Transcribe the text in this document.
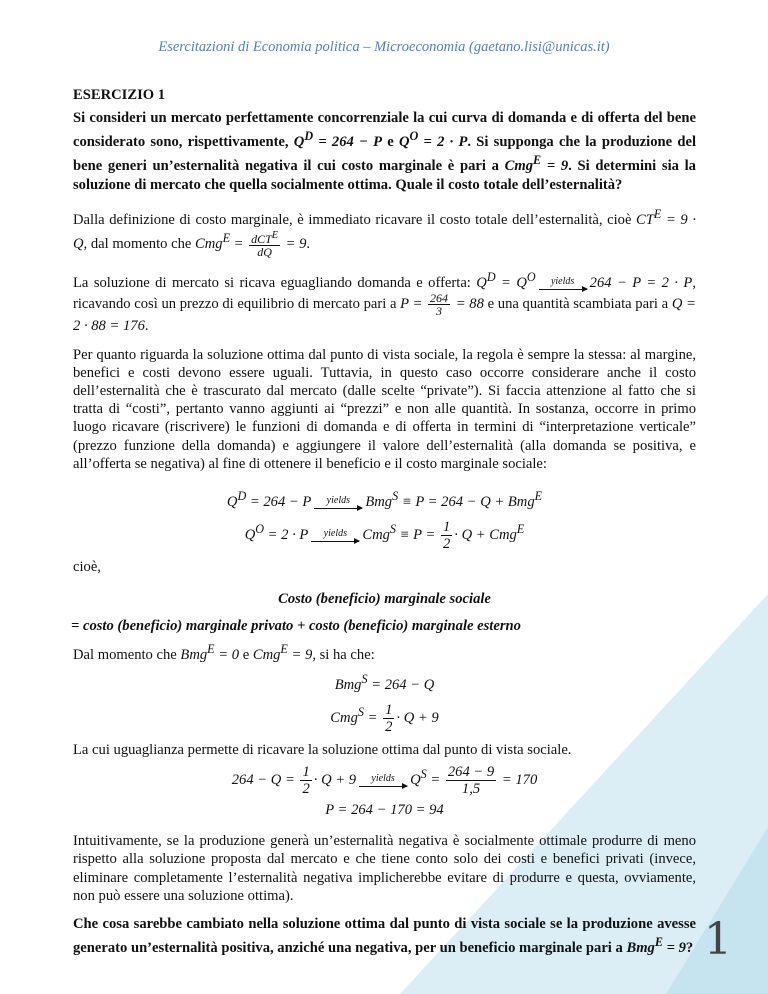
Esercitazioni di Economia politica – Microeconomia (gaetano.lisi@unicas.it)
ESERCIZIO 1
Si consideri un mercato perfettamente concorrenziale la cui curva di domanda e di offerta del bene considerato sono, rispettivamente, $Q^D = 264 - P$ e $Q^O = 2 \cdot P$. Si supponga che la produzione del bene generi un’esternalità negativa il cui costo marginale è pari a Cmg$^E$ = 9. Si determini sia la soluzione di mercato che quella socialmente ottima. Quale il costo totale dell’esternalità?
Dalla definizione di costo marginale, è immediato ricavare il costo totale dell’esternalità, cioè $CT^E = 9 \cdot Q$, dal momento che $Cmg^E = \frac{dCT^E}{dQ} = 9$.
La soluzione di mercato si ricava eguagliando domanda e offerta: $Q^D = Q^O$	yields	264 − P = 2 · P, ricavando così un prezzo di equilibrio di mercato pari a $P = \frac{264}{3} = 88$ e una quantità scambiata pari a Q = 2 · 88 = 176.
Per quanto riguarda la soluzione ottima dal punto di vista sociale, la regola è sempre la stessa: al margine, benefici e costi devono essere uguali. Tuttavia, in questo caso occorre considerare anche il costo dell’esternalità che è trascurato dal mercato (dalle scelte “private”). Si faccia attenzione al fatto che si tratta di “costi”, pertanto vanno aggiunti ai “prezzi” e non alle quantità. In sostanza, occorre in primo luogo ricavare (riscrivere) le funzioni di domanda e di offerta in termini di “interpretazione verticale” (prezzo funzione della domanda) e aggiungere il valore dell’esternalità (alla domanda se positiva, e all’offerta se negativa) al fine di ottenere il beneficio e il costo marginale sociale:
$Q^D = 264 - P$	yields	Bmg$^S$ ≡ P = 264 − Q + Bmg$^E$
$Q^O = 2 \cdot P$	yields	$Cmg^S \equiv P = \frac{1}{2} \cdot Q + Cmg^E$
cioè,
Costo (beneficio) marginale sociale
= costo (beneficio) marginale privato + costo (beneficio) marginale esterno
Dal momento che Bmg$^E$ = 0 e Cmg$^E$ = 9, si ha che:
Bmg$^S$ = 264 − Q
$Cmg^S = \frac{1}{2} \cdot Q + 9$
La cui uguaglianza permette di ricavare la soluzione ottima dal punto di vista sociale.
$264 - Q = \frac{1}{2} \cdot Q + 9$	yields	$Q^S = \frac{264 - 9}{1,5} = 170$
P = 264 − 170 = 94
Intuitivamente, se la produzione generà un’esternalità negativa è socialmente ottimale produrre di meno rispetto alla soluzione proposta dal mercato e che tiene conto solo dei costi e benefici privati (invece, eliminare completamente l’esternalità negativa implicherebbe evitare di produrre e questa, ovviamente, non può essere una soluzione ottima).
Che cosa sarebbe cambiato nella soluzione ottima dal punto di vista sociale se la produzione avesse generato un’esternalità positiva, anziché una negativa, per un beneficio marginale pari a Bmg$^E$ = 9? 1
